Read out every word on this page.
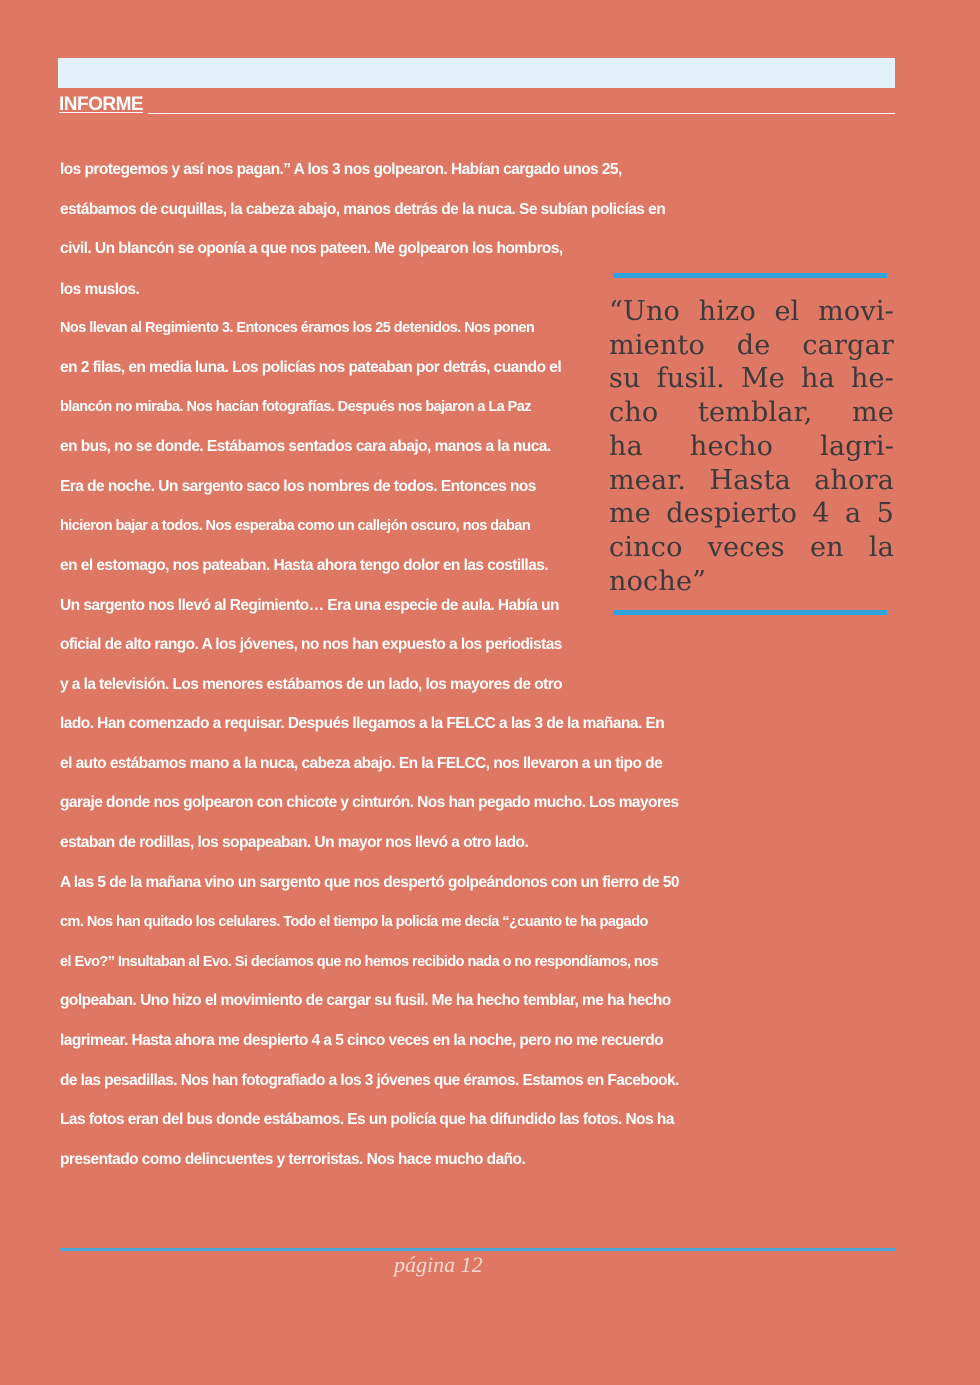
INFORME
los protegemos y así nos pagan.” A los 3 nos golpearon. Habían cargado unos 25,
estábamos de cuquillas, la cabeza abajo, manos detrás de la nuca. Se subían policías en
civil. Un blancón se oponía a que nos pateen. Me golpearon los hombros,
los muslos.
Nos llevan al Regimiento 3. Entonces éramos los 25 detenidos. Nos ponen
en 2 filas, en media luna. Los policías nos pateaban por detrás, cuando el
blancón no miraba. Nos hacían fotografías. Después nos bajaron a La Paz
en bus, no se donde. Estábamos sentados cara abajo, manos a la nuca.
Era de noche. Un sargento saco los nombres de todos. Entonces nos
hicieron bajar a todos. Nos esperaba como un callejón oscuro, nos daban
en el estomago, nos pateaban. Hasta ahora tengo dolor en las costillas.
Un sargento nos llevó al Regimiento… Era una especie de aula. Había un
oficial de alto rango. A los jóvenes, no nos han expuesto a los periodistas
y a la televisión. Los menores estábamos de un lado, los mayores de otro
lado. Han comenzado a requisar. Después llegamos a la FELCC a las 3 de la mañana. En
el auto estábamos mano a la nuca, cabeza abajo. En la FELCC, nos llevaron a un tipo de
garaje donde nos golpearon con chicote y cinturón. Nos han pegado mucho. Los mayores
estaban de rodillas, los sopapeaban. Un mayor nos llevó a otro lado.
A las 5 de la mañana vino un sargento que nos despertó golpeándonos con un fierro de 50
cm. Nos han quitado los celulares. Todo el tiempo la policía me decía “¿cuanto te ha pagado
el Evo?” Insultaban al Evo. Si decíamos que no hemos recibido nada o no respondíamos, nos
golpeaban. Uno hizo el movimiento de cargar su fusil. Me ha hecho temblar, me ha hecho
lagrimear. Hasta ahora me despierto 4 a 5 cinco veces en la noche, pero no me recuerdo
de las pesadillas. Nos han fotografiado a los 3 jóvenes que éramos. Estamos en Facebook.
Las fotos eran del bus donde estábamos. Es un policía que ha difundido las fotos. Nos ha
presentado como delincuentes y terroristas. Nos hace mucho daño.
“Uno hizo el movi-
miento de cargar
su fusil. Me ha he-
cho temblar, me
ha hecho lagri-
mear. Hasta ahora
me despierto 4 a 5
cinco veces en la
noche”
página 12
